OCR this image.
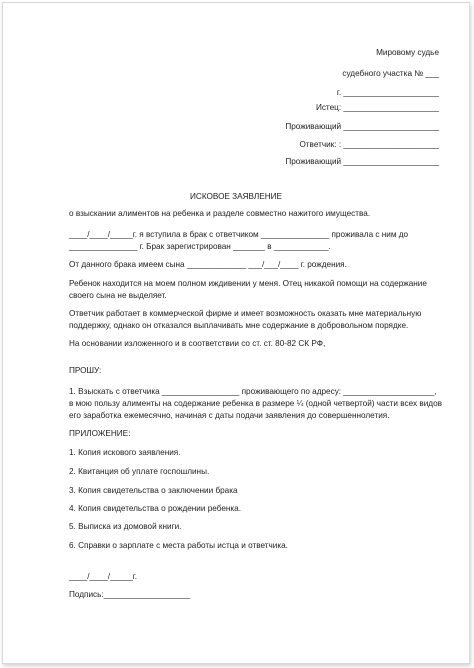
Мировому судье
судебного участка № ___
г. _____________________
Истец: _____________________
Проживающий _____________________
Ответчик: : _____________________
Проживающий _____________________
ИСКОВОЕ ЗАЯВЛЕНИЕ
о взыскании алиментов на ребенка и разделе совместно нажитого имущества.
____/____/_____г. я вступила в брак с ответчиком _______________ проживала с ним до
_______________ г. Брак зарегистрирован _______ в ____________.
От данного брака имеем сына _____________ ___/___/____ г. рождения.
Ребенок находится на моем полном иждивении у меня. Отец никакой помощи на содержание
своего сына не выделяет.
Ответчик работает в коммерческой фирме и имеет возможность оказать мне материальную
поддержку, однако он отказался выплачивать мне содержание в добровольном порядке.
На основании изложенного и в соответствии со ст. ст. 80-82 СК РФ,
ПРОШУ:
1. Взыскать с ответчика _________________ проживающего по адресу: ____________________,
в мою пользу алименты на содержание ребенка в размере ¼ (одной четвертой) части всех видов
его заработка ежемесячно, начиная с даты подачи заявления до совершеннолетия.
ПРИЛОЖЕНИЕ:
1. Копия искового заявления.
2. Квитанция об уплате госпошлины.
3. Копия свидетельства о заключении брака
4. Копия свидетельства о рождении ребенка.
5. Выписка из домовой книги.
6. Справки о зарплате с места работы истца и ответчика.
____/____/_____г.
Подпись:___________________
